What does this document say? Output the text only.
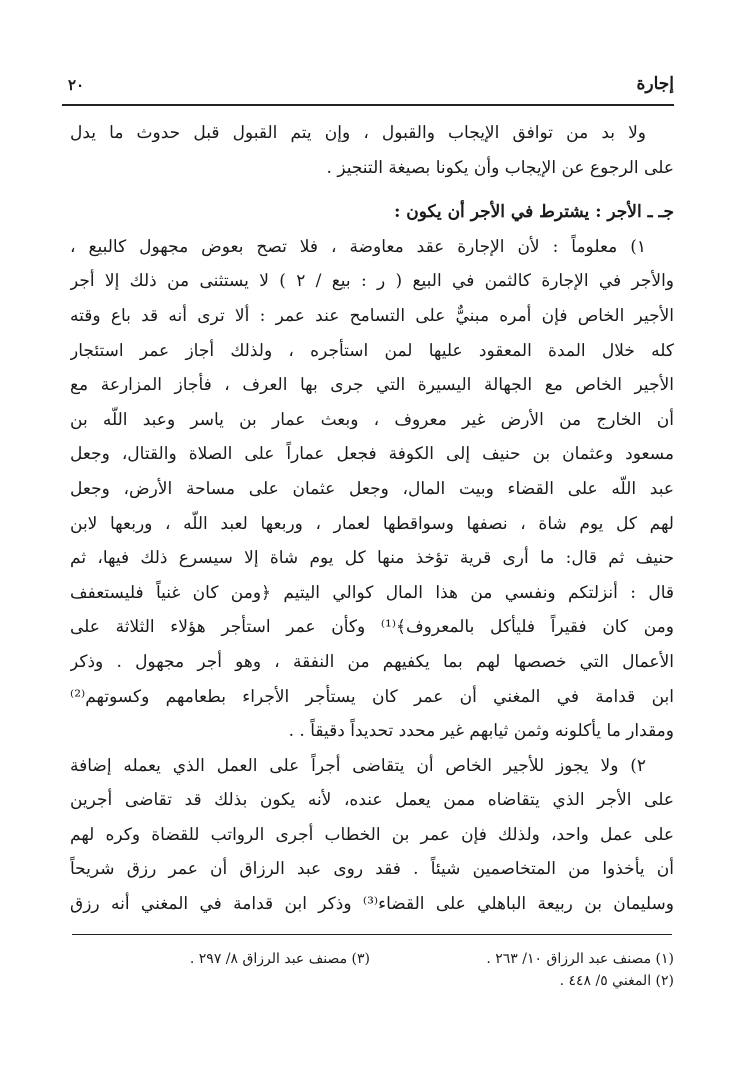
إجارة
٢٠
ولا بد من توافق الإيجاب والقبول ، وإن يتم القبول قبل حدوث ما يدل
على الرجوع عن الإيجاب وأن يكونا بصيغة التنجيز .
جـ ـ الأجر : يشترط في الأجر أن يكون :
١) معلوماً : لأن الإجارة عقد معاوضة ، فلا تصح بعوض مجهول كالبيع ،
والأجر في الإجارة كالثمن في البيع ( ر : بيع / ٢ ) لا يستثنى من ذلك إلا أجر
الأجير الخاص فإن أمره مبنيٌّ على التسامح عند عمر : ألا ترى أنه قد باع وقته
كله خلال المدة المعقود عليها لمن استأجره ، ولذلك أجاز عمر استئجار
الأجير الخاص مع الجهالة اليسيرة التي جرى بها العرف ، فأجاز المزارعة مع
أن الخارج من الأرض غير معروف ، وبعث عمار بن ياسر وعبد اللّه بن
مسعود وعثمان بن حنيف إلى الكوفة فجعل عماراً على الصلاة والقتال، وجعل
عبد اللّه على القضاء وبيت المال، وجعل عثمان على مساحة الأرض، وجعل
لهم كل يوم شاة ، نصفها وسواقطها لعمار ، وربعها لعبد اللّه ، وربعها لابن
حنيف ثم قال: ما أرى قرية تؤخذ منها كل يوم شاة إلا سيسرع ذلك فيها، ثم
قال : أنزلتكم ونفسي من هذا المال كوالي اليتيم ﴿ومن كان غنياً فليستعفف
ومن كان فقيراً فليأكل بالمعروف﴾⁽¹⁾ وكأن عمر استأجر هؤلاء الثلاثة على
الأعمال التي خصصها لهم بما يكفيهم من النفقة ، وهو أجر مجهول . وذكر
ابن قدامة في المغني أن عمر كان يستأجر الأجراء بطعامهم وكسوتهم⁽²⁾
ومقدار ما يأكلونه وثمن ثيابهم غير محدد تحديداً دقيقاً . .
٢) ولا يجوز للأجير الخاص أن يتقاضى أجراً على العمل الذي يعمله إضافة
على الأجر الذي يتقاضاه ممن يعمل عنده، لأنه يكون بذلك قد تقاضى أجرين
على عمل واحد، ولذلك فإن عمر بن الخطاب أجرى الرواتب للقضاة وكره لهم
أن يأخذوا من المتخاصمين شيئاً . فقد روى عبد الرزاق أن عمر رزق شريحاً
وسليمان بن ربيعة الباهلي على القضاء⁽³⁾ وذكر ابن قدامة في المغني أنه رزق
(١) مصنف عبد الرزاق ١٠/ ٢٦٣ .
(٢) المغني ٥/ ٤٤٨ .
(٣) مصنف عبد الرزاق ٨/ ٢٩٧ .
